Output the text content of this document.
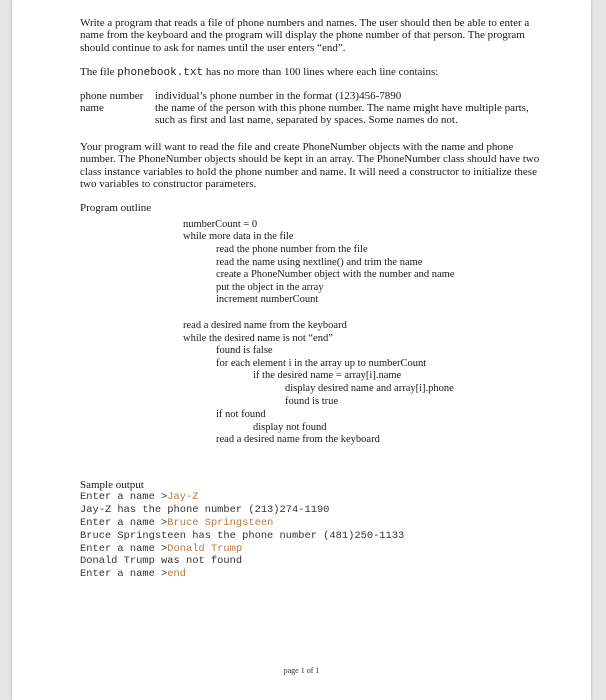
Write a program that reads a file of phone numbers and names. The user should then be able to enter a name from the keyboard and the program will display the phone number of that person. The program should continue to ask for names until the user enters “end”.

The file phonebook.txt has no more than 100 lines where each line contains:

phone number	individual’s phone number in the format (123)456-7890
name	the name of the person with this phone number. The name might have multiple parts, such as first and last name, separated by spaces. Some names do not.

Your program will want to read the file and create PhoneNumber objects with the name and phone number. The PhoneNumber objects should be kept in an array. The PhoneNumber class should have two class instance variables to hold the phone number and name. It will need a constructor to initialize these two variables to constructor parameters.

Program outline

numberCount = 0
while more data in the file
read the phone number from the file
read the name using nextline() and trim the name
create a PhoneNumber object with the number and name
put the object in the array
increment numberCount
read a desired name from the keyboard
while the desired name is not “end”
found is false
for each element i in the array up to numberCount
if the desired name = array[i].name
display desired name and array[i].phone
found is true
if not found
display not found
read a desired name from the keyboard

Sample output

Enter a name >Jay-Z
Jay-Z has the phone number (213)274-1190
Enter a name >Bruce Springsteen
Bruce Springsteen has the phone number (481)250-1133
Enter a name >Donald Trump
Donald Trump was not found
Enter a name >end
page 1 of 1
